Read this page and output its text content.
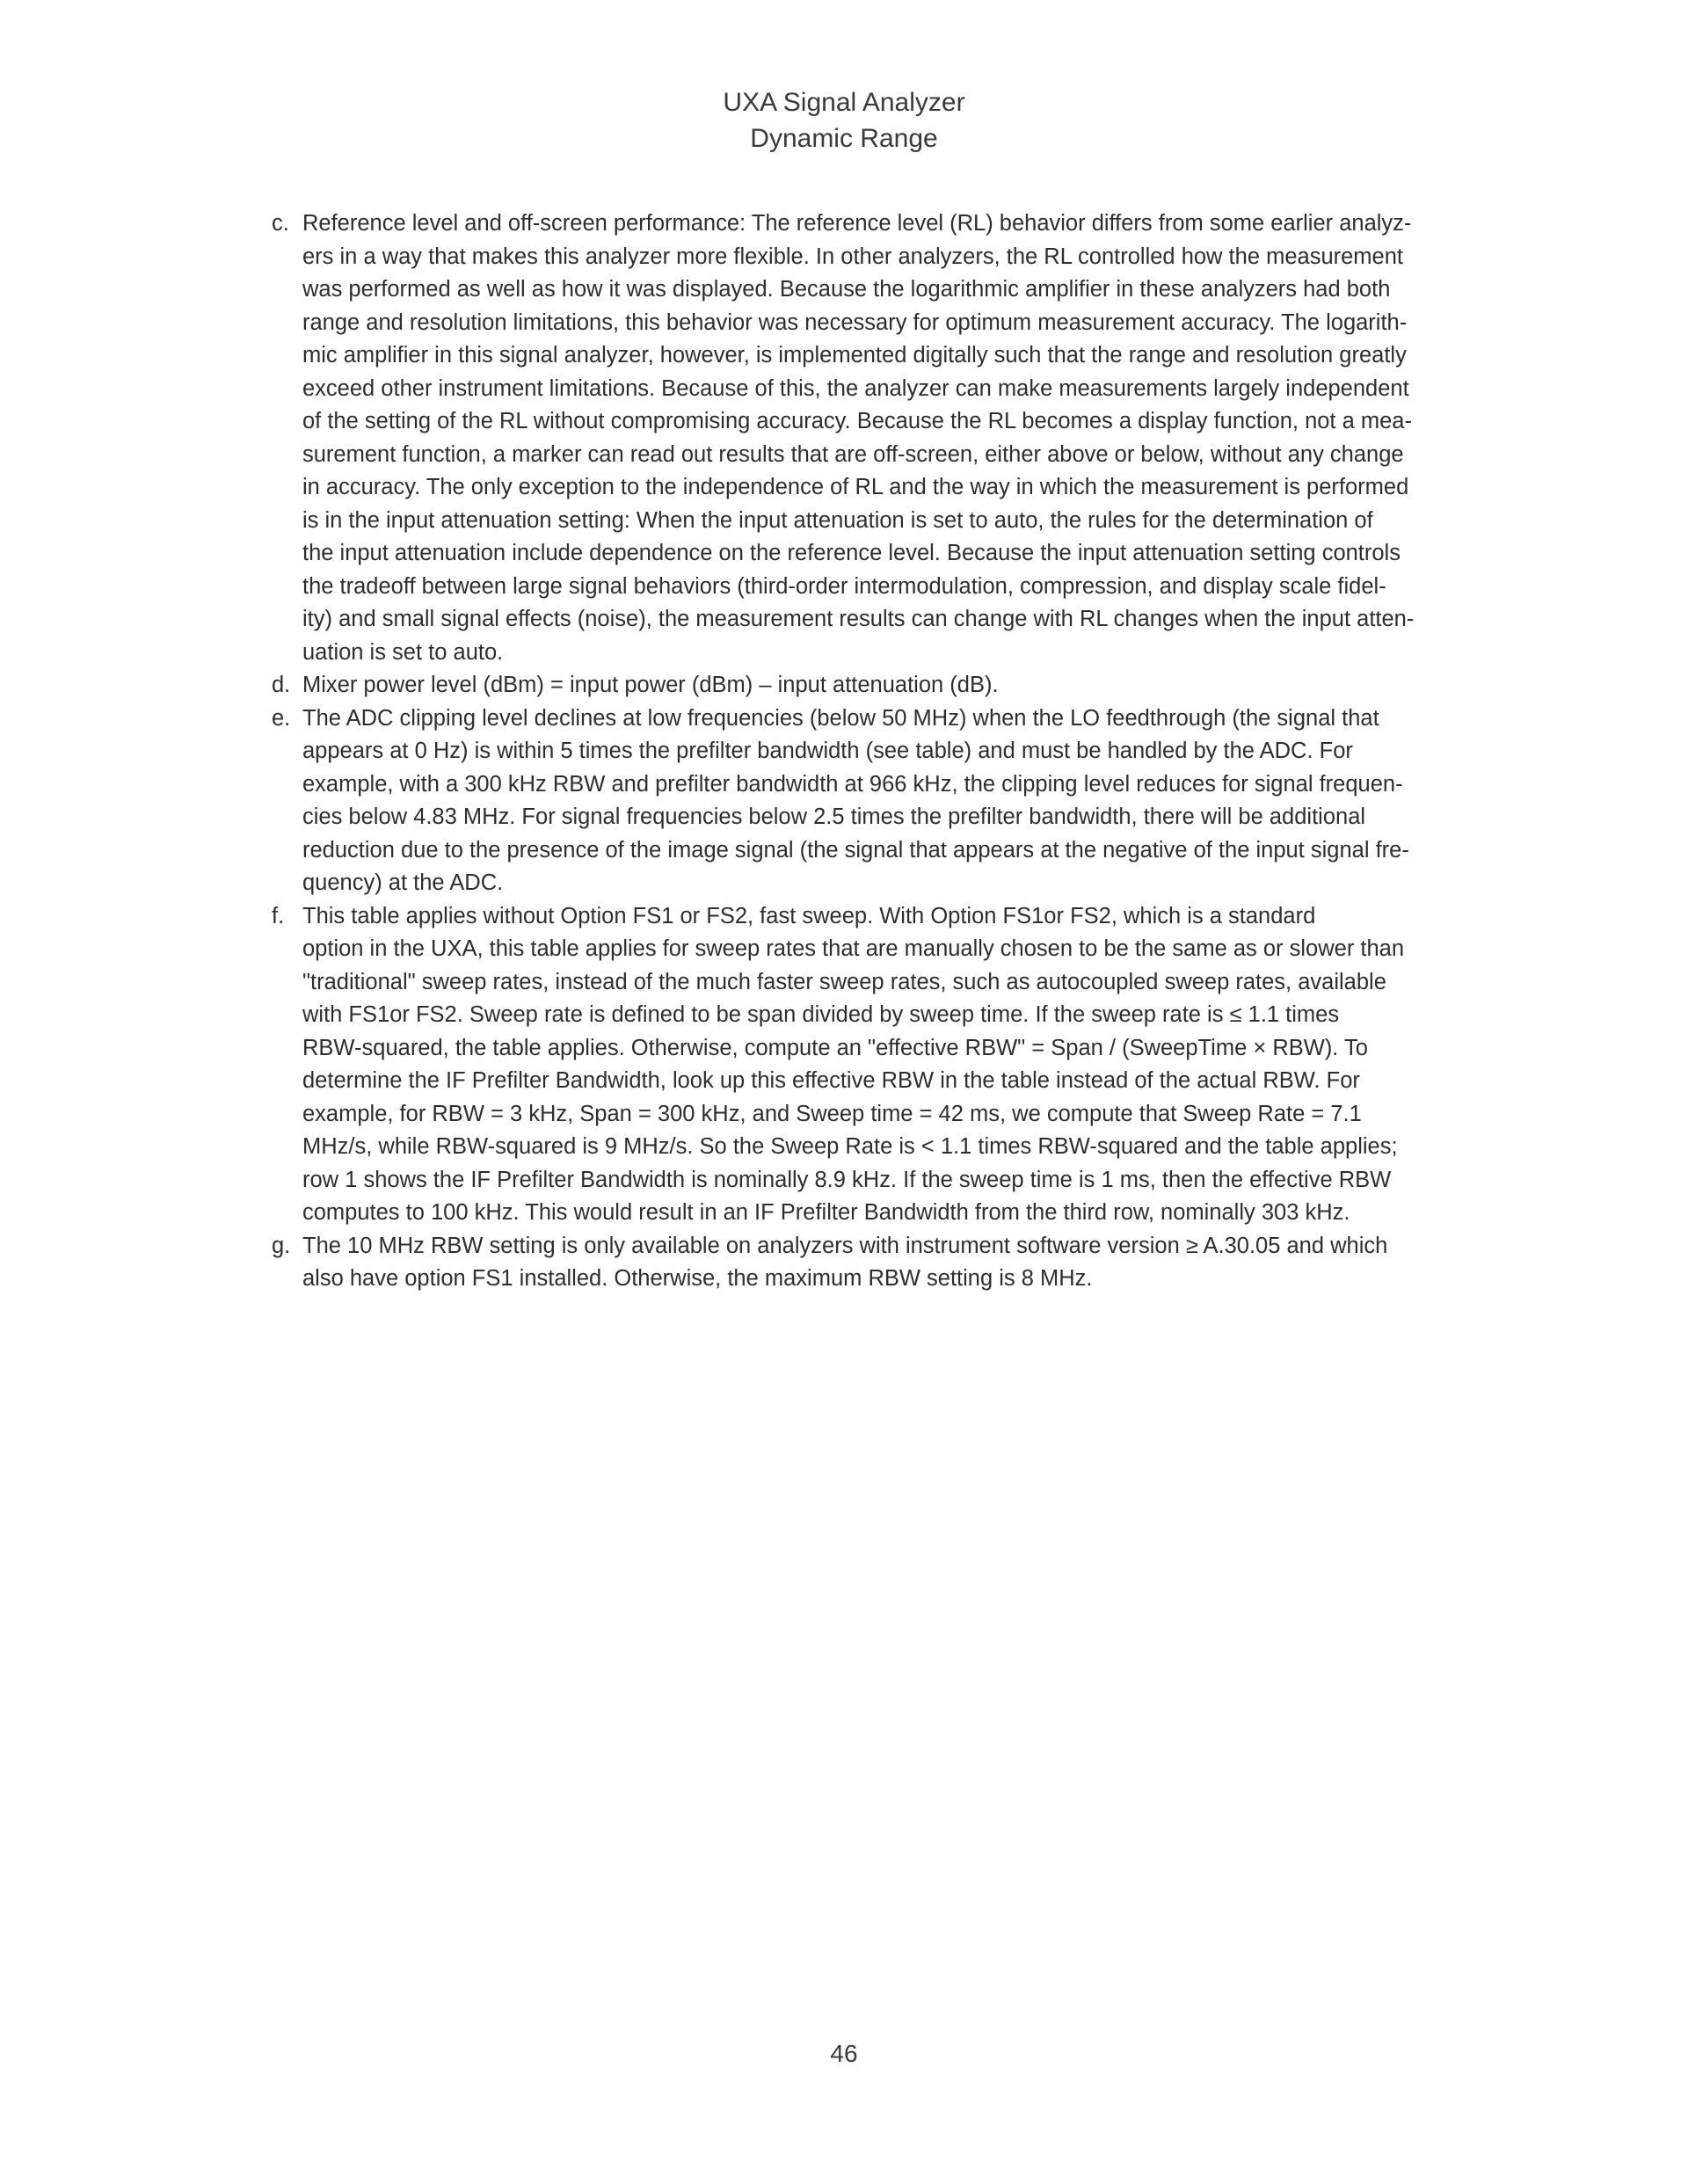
UXA Signal Analyzer
Dynamic Range
c. Reference level and off-screen performance: The reference level (RL) behavior differs from some earlier analyz-
ers in a way that makes this analyzer more flexible. In other analyzers, the RL controlled how the measurement
was performed as well as how it was displayed. Because the logarithmic amplifier in these analyzers had both
range and resolution limitations, this behavior was necessary for optimum measurement accuracy. The logarith-
mic amplifier in this signal analyzer, however, is implemented digitally such that the range and resolution greatly
exceed other instrument limitations. Because of this, the analyzer can make measurements largely independent
of the setting of the RL without compromising accuracy. Because the RL becomes a display function, not a mea-
surement function, a marker can read out results that are off-screen, either above or below, without any change
in accuracy. The only exception to the independence of RL and the way in which the measurement is performed
is in the input attenuation setting: When the input attenuation is set to auto, the rules for the determination of
the input attenuation include dependence on the reference level. Because the input attenuation setting controls
the tradeoff between large signal behaviors (third-order intermodulation, compression, and display scale fidel-
ity) and small signal effects (noise), the measurement results can change with RL changes when the input atten-
uation is set to auto.
d. Mixer power level (dBm) = input power (dBm) – input attenuation (dB).
e. The ADC clipping level declines at low frequencies (below 50 MHz) when the LO feedthrough (the signal that
appears at 0 Hz) is within 5 times the prefilter bandwidth (see table) and must be handled by the ADC. For
example, with a 300 kHz RBW and prefilter bandwidth at 966 kHz, the clipping level reduces for signal frequen-
cies below 4.83 MHz. For signal frequencies below 2.5 times the prefilter bandwidth, there will be additional
reduction due to the presence of the image signal (the signal that appears at the negative of the input signal fre-
quency) at the ADC.
f. This table applies without Option FS1 or FS2, fast sweep. With Option FS1or FS2, which is a standard
option in the UXA, this table applies for sweep rates that are manually chosen to be the same as or slower than
"traditional" sweep rates, instead of the much faster sweep rates, such as autocoupled sweep rates, available
with FS1or FS2. Sweep rate is defined to be span divided by sweep time. If the sweep rate is ≤ 1.1 times
RBW-squared, the table applies. Otherwise, compute an "effective RBW" = Span / (SweepTime × RBW). To
determine the IF Prefilter Bandwidth, look up this effective RBW in the table instead of the actual RBW. For
example, for RBW = 3 kHz, Span = 300 kHz, and Sweep time = 42 ms, we compute that Sweep Rate = 7.1
MHz/s, while RBW-squared is 9 MHz/s. So the Sweep Rate is < 1.1 times RBW-squared and the table applies;
row 1 shows the IF Prefilter Bandwidth is nominally 8.9 kHz. If the sweep time is 1 ms, then the effective RBW
computes to 100 kHz. This would result in an IF Prefilter Bandwidth from the third row, nominally 303 kHz.
g. The 10 MHz RBW setting is only available on analyzers with instrument software version ≥ A.30.05 and which
also have option FS1 installed. Otherwise, the maximum RBW setting is 8 MHz.
46
